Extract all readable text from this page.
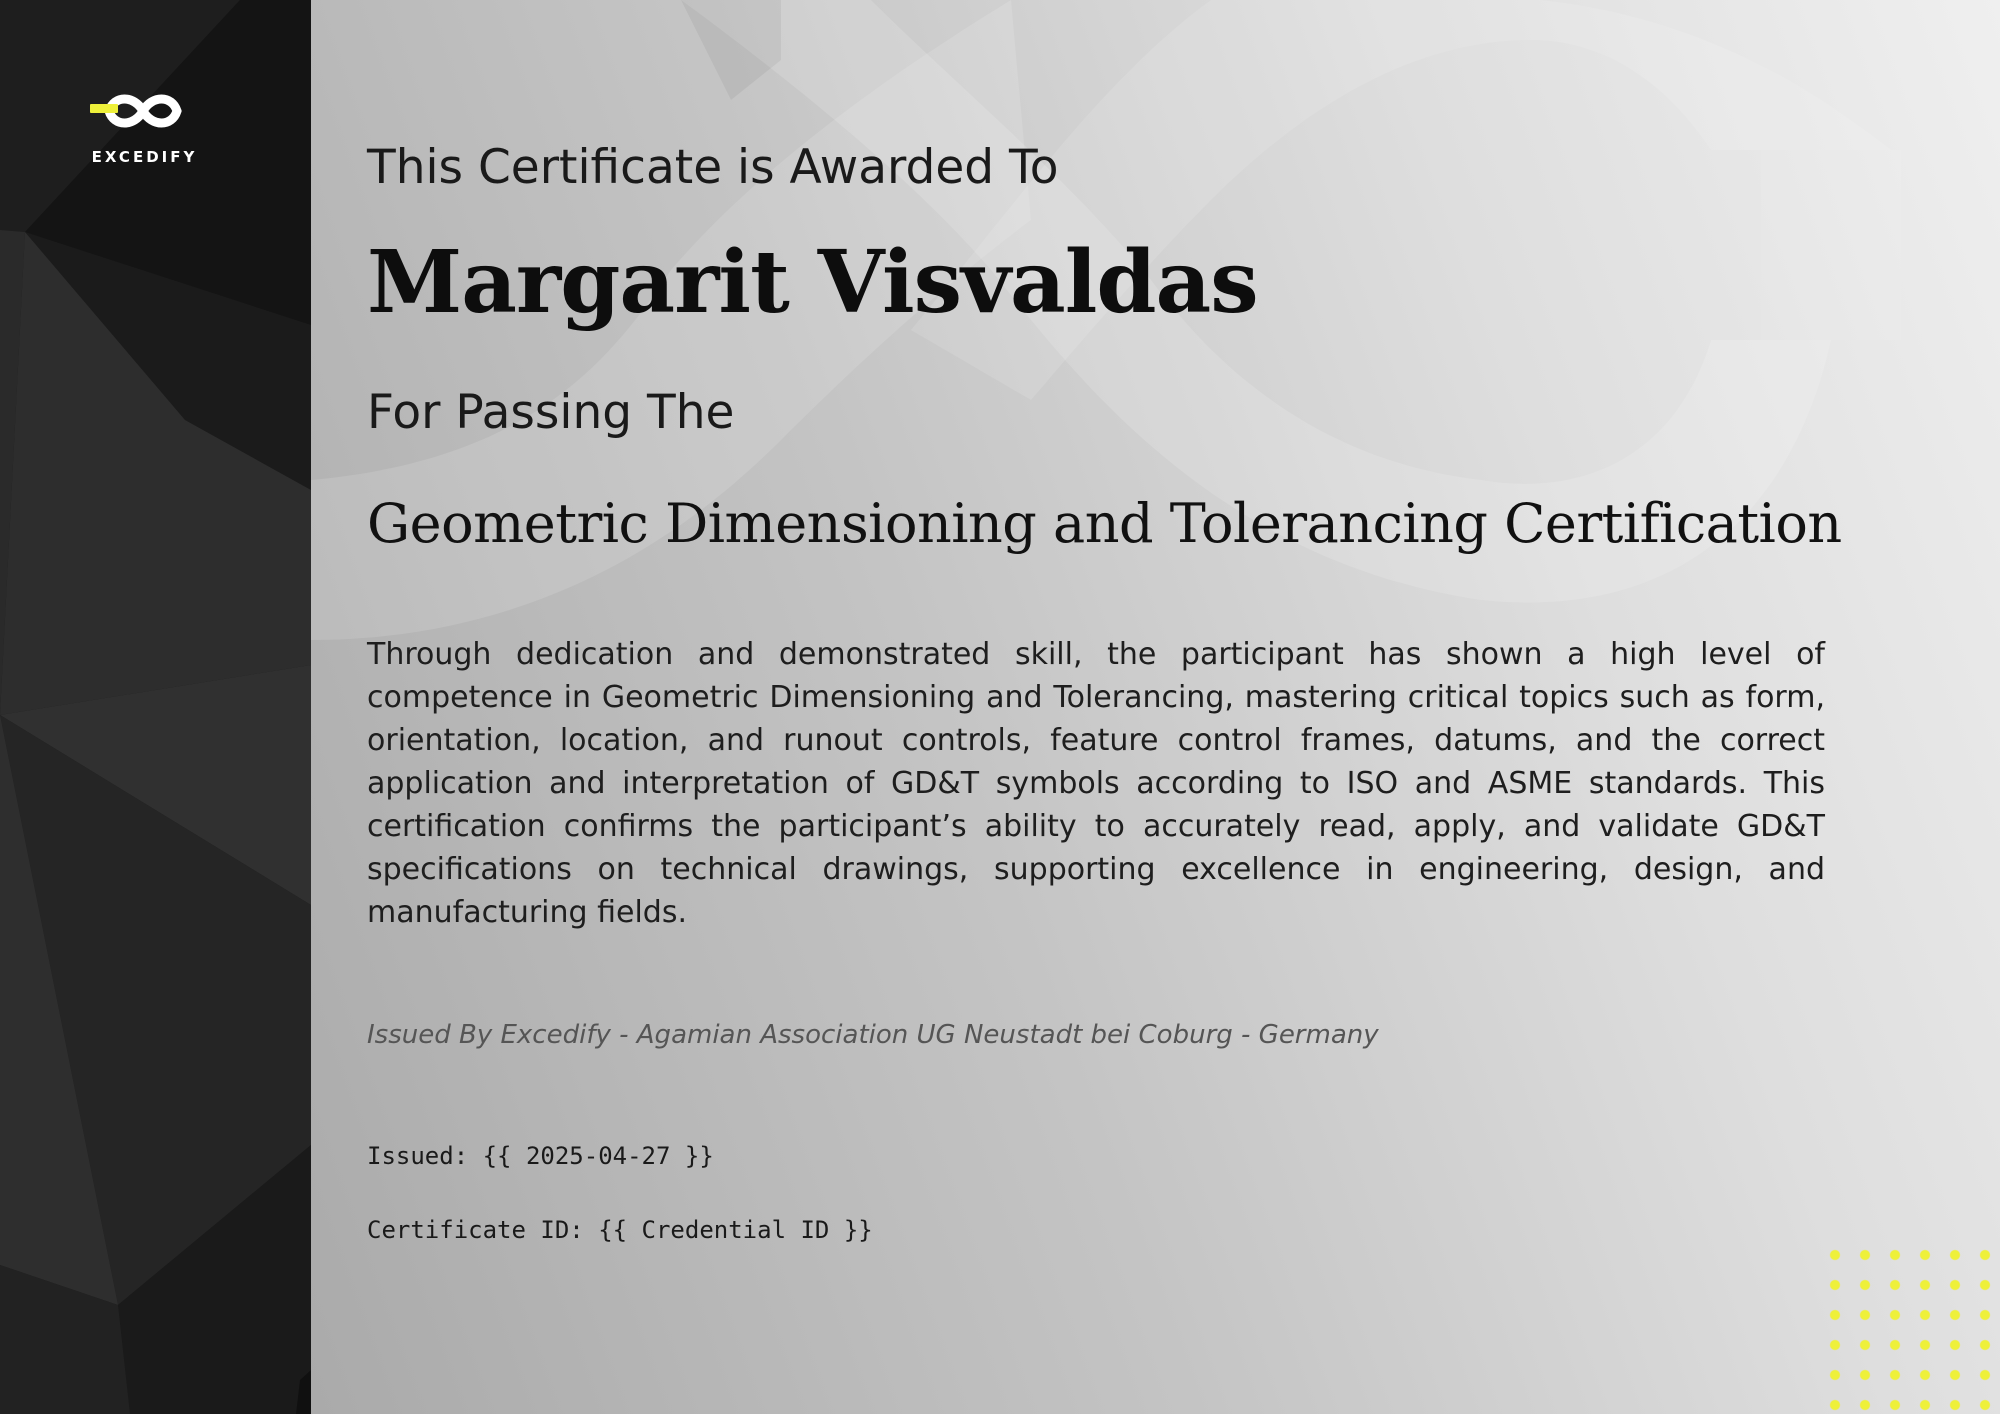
EXCEDIFY	This Certificate is Awarded To
Margarit Visvaldas
For Passing The
Geometric Dimensioning and Tolerancing Certification

Through dedication and demonstrated skill, the participant has shown a high level of competence in Geometric Dimensioning and Tolerancing, mastering critical topics such as form, orientation, location, and runout controls, feature control frames, datums, and the correct application and interpretation of GD&T symbols according to ISO and ASME standards. This certification confirms the participant’s ability to accurately read, apply, and validate GD&T specifications on technical drawings, supporting excellence in engineering, design, and manufacturing fields.

Issued By Excedify - Agamian Association UG Neustadt bei Coburg - Germany
Issued: {{ 2025-04-27 }}
Certificate ID: {{ Credential ID }}
